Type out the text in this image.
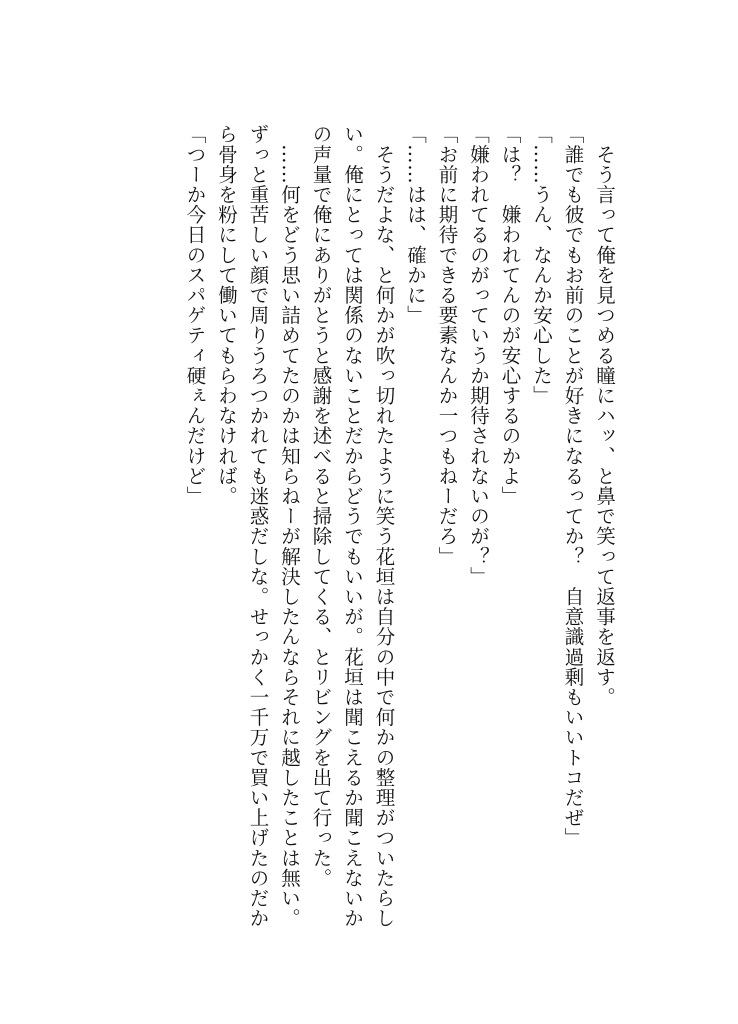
　そう言って俺を見つめる瞳にハッ、と鼻で笑って返事を返す。
「誰でも彼でもお前のことが好きになるってか？　自意識過剰もいいトコだぜ」
「……うん、なんか安心した」
「は？　嫌われてんのが安心するのかよ」
「嫌われてるのがっていうか期待されないのが？」
「お前に期待できる要素なんか一つもねーだろ」
「……はは、確かに」
　そうだよな、と何かが吹っ切れたように笑う花垣は自分の中で何かの整理がついたらし
い。俺にとっては関係のないことだからどうでもいいが。花垣は聞こえるか聞こえないか
の声量で俺にありがとうと感謝を述べると掃除してくる、とリビングを出て行った。
　……何をどう思い詰めてたのかは知らねーが解決したんならそれに越したことは無い。
ずっと重苦しい顔で周りうろつかれても迷惑だしな。せっかく一千万で買い上げたのだか
ら骨身を粉にして働いてもらわなければ。
「つーか今日のスパゲティ硬ぇんだけど」
